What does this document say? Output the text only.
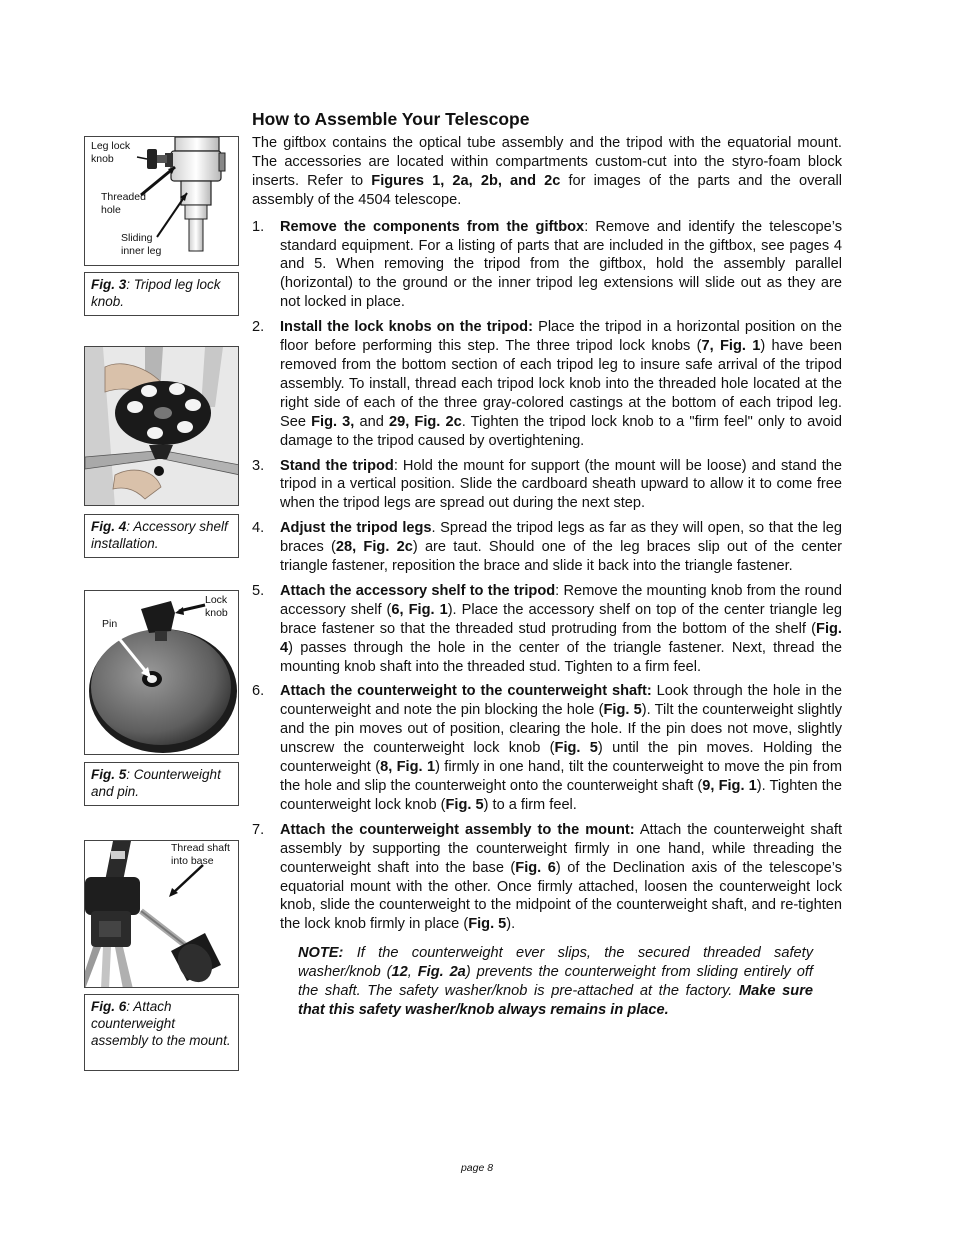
Leg lock
knob
Threaded
hole
Sliding
inner leg
Fig. 3: Tripod leg lock knob.
Fig. 4: Accessory shelf installation.
Lock
knob
Pin
Fig. 5: Counterweight and pin.
Thread shaft
into base
Fig. 6: Attach counterweight assembly to the mount.
How to Assemble Your Telescope

The giftbox contains the optical tube assembly and the tripod with the equatorial mount. The accessories are located within compartments custom-cut into the styro-foam block inserts. Refer to Figures 1, 2a, 2b, and 2c for images of the parts and the overall assembly of the 4504 telescope.

1. Remove the components from the giftbox: Remove and identify the telescope’s standard equipment. For a listing of parts that are included in the giftbox, see pages 4 and 5. When removing the tripod from the giftbox, hold the assembly parallel (horizontal) to the ground or the inner tripod leg extensions will slide out as they are not locked in place.
2. Install the lock knobs on the tripod: Place the tripod in a horizontal position on the floor before performing this step. The three tripod lock knobs (7, Fig. 1) have been removed from the bottom section of each tripod leg to insure safe arrival of the tripod assembly. To install, thread each tripod lock knob into the threaded hole located at the right side of each of the three gray-colored castings at the bottom of each tripod leg. See Fig. 3, and 29, Fig. 2c. Tighten the tripod lock knob to a "firm feel" only to avoid damage to the tripod caused by overtightening.
3. Stand the tripod: Hold the mount for support (the mount will be loose) and stand the tripod in a vertical position. Slide the cardboard sheath upward to allow it to come free when the tripod legs are spread out during the next step.
4. Adjust the tripod legs. Spread the tripod legs as far as they will open, so that the leg braces (28, Fig. 2c) are taut. Should one of the leg braces slip out of the center triangle fastener, reposition the brace and slide it back into the triangle fastener.
5. Attach the accessory shelf to the tripod: Remove the mounting knob from the round accessory shelf (6, Fig. 1). Place the accessory shelf on top of the center triangle leg brace fastener so that the threaded stud protruding from the bottom of the shelf (Fig. 4) passes through the hole in the center of the triangle fastener. Next, thread the mounting knob shaft into the threaded stud. Tighten to a firm feel.
6. Attach the counterweight to the counterweight shaft: Look through the hole in the counterweight and note the pin blocking the hole (Fig. 5). Tilt the counterweight slightly and the pin moves out of position, clearing the hole. If the pin does not move, slightly unscrew the counterweight lock knob (Fig. 5) until the pin moves. Holding the counterweight (8, Fig. 1) firmly in one hand, tilt the counterweight to move the pin from the hole and slip the counterweight onto the counterweight shaft (9, Fig. 1). Tighten the counterweight lock knob (Fig. 5) to a firm feel.
7. Attach the counterweight assembly to the mount: Attach the counterweight shaft assembly by supporting the counterweight firmly in one hand, while threading the counterweight shaft into the base (Fig. 6) of the Declination axis of the telescope’s equatorial mount with the other. Once firmly attached, loosen the counterweight lock knob, slide the counterweight to the midpoint of the counterweight shaft, and re-tighten the lock knob firmly in place (Fig. 5).

NOTE: If the counterweight ever slips, the secured threaded safety washer/knob (12, Fig. 2a) prevents the counterweight from sliding entirely off the shaft. The safety washer/knob is pre-attached at the factory. Make sure that this safety washer/knob always remains in place.

page 8
